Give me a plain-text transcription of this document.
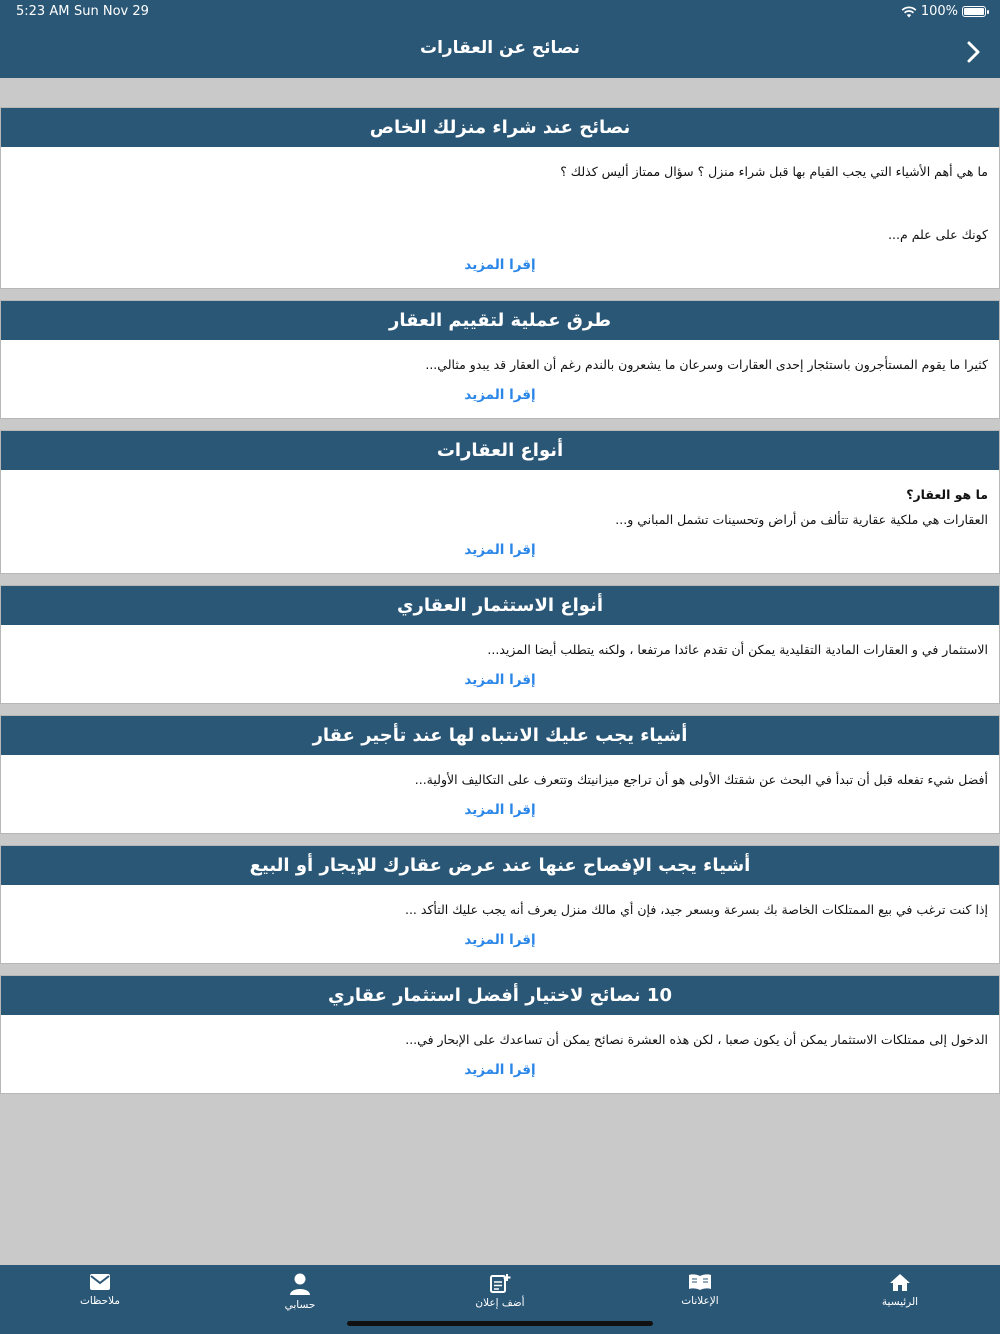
5:23 AM Sun Nov 29	100%
نصائح عن العقارات
نصائح عند شراء منزلك الخاص

ما هي أهم الأشياء التي يجب القيام بها قبل شراء منزل ؟ سؤال ممتاز أليس كذلك ؟

كونك على علم م...

إقرا المزيد
طرق عملية لتقييم العقار

كثيرا ما يقوم المستأجرون باستئجار إحدى العقارات وسرعان ما يشعرون بالندم رغم أن العقار قد يبدو مثالي...

إقرا المزيد
أنواع العقارات

ما هو العقار؟

العقارات هي ملكية عقارية تتألف من أراض وتحسينات تشمل المباني و...

إقرا المزيد
أنواع الاستثمار العقاري

الاستثمار في و العقارات المادية التقليدية يمكن أن تقدم عائدا مرتفعا ، ولكنه يتطلب أيضا المزيد...

إقرا المزيد
أشياء يجب عليك الانتباه لها عند تأجير عقار

أفضل شيء تفعله قبل أن تبدأ في البحث عن شقتك الأولى هو أن تراجع ميزانيتك وتتعرف على التكاليف الأولية...

إقرا المزيد
أشياء يجب الإفصاح عنها عند عرض عقارك للإيجار أو البيع

إذا كنت ترغب في بيع الممتلكات الخاصة بك بسرعة وبسعر جيد، فإن أي مالك منزل يعرف أنه يجب عليك التأكد ...

إقرا المزيد
10 نصائح لاختيار أفضل استثمار عقاري

الدخول إلى ممتلكات الاستثمار يمكن أن يكون صعبا ، لكن هذه العشرة نصائح يمكن أن تساعدك على الإبحار في...

إقرا المزيد
ملاحظات	حسابي	أضف إعلان	الإعلانات	الرئيسية
